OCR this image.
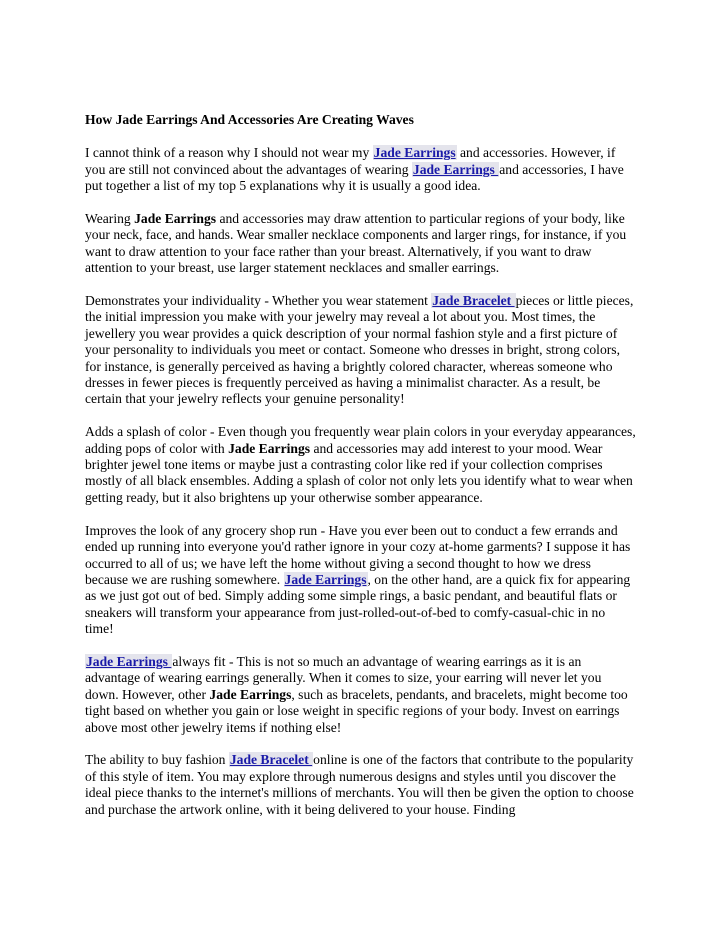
How Jade Earrings And Accessories Are Creating Waves

I cannot think of a reason why I should not wear my Jade Earrings and accessories. However, if you are still not convinced about the advantages of wearing Jade Earrings and accessories, I have put together a list of my top 5 explanations why it is usually a good idea.

Wearing Jade Earrings and accessories may draw attention to particular regions of your body, like your neck, face, and hands. Wear smaller necklace components and larger rings, for instance, if you want to draw attention to your face rather than your breast. Alternatively, if you want to draw attention to your breast, use larger statement necklaces and smaller earrings.

Demonstrates your individuality - Whether you wear statement Jade Bracelet pieces or little pieces, the initial impression you make with your jewelry may reveal a lot about you. Most times, the jewellery you wear provides a quick description of your normal fashion style and a first picture of your personality to individuals you meet or contact. Someone who dresses in bright, strong colors, for instance, is generally perceived as having a brightly colored character, whereas someone who dresses in fewer pieces is frequently perceived as having a minimalist character. As a result, be certain that your jewelry reflects your genuine personality!

Adds a splash of color - Even though you frequently wear plain colors in your everyday appearances, adding pops of color with Jade Earrings and accessories may add interest to your mood. Wear brighter jewel tone items or maybe just a contrasting color like red if your collection comprises mostly of all black ensembles. Adding a splash of color not only lets you identify what to wear when getting ready, but it also brightens up your otherwise somber appearance.

Improves the look of any grocery shop run - Have you ever been out to conduct a few errands and ended up running into everyone you'd rather ignore in your cozy at-home garments? I suppose it has occurred to all of us; we have left the home without giving a second thought to how we dress because we are rushing somewhere. Jade Earrings, on the other hand, are a quick fix for appearing as we just got out of bed. Simply adding some simple rings, a basic pendant, and beautiful flats or sneakers will transform your appearance from just-rolled-out-of-bed to comfy-casual-chic in no time!

Jade Earrings always fit - This is not so much an advantage of wearing earrings as it is an advantage of wearing earrings generally. When it comes to size, your earring will never let you down. However, other Jade Earrings, such as bracelets, pendants, and bracelets, might become too tight based on whether you gain or lose weight in specific regions of your body. Invest on earrings above most other jewelry items if nothing else!

The ability to buy fashion Jade Bracelet online is one of the factors that contribute to the popularity of this style of item. You may explore through numerous designs and styles until you discover the ideal piece thanks to the internet's millions of merchants. You will then be given the option to choose and purchase the artwork online, with it being delivered to your house. Finding
